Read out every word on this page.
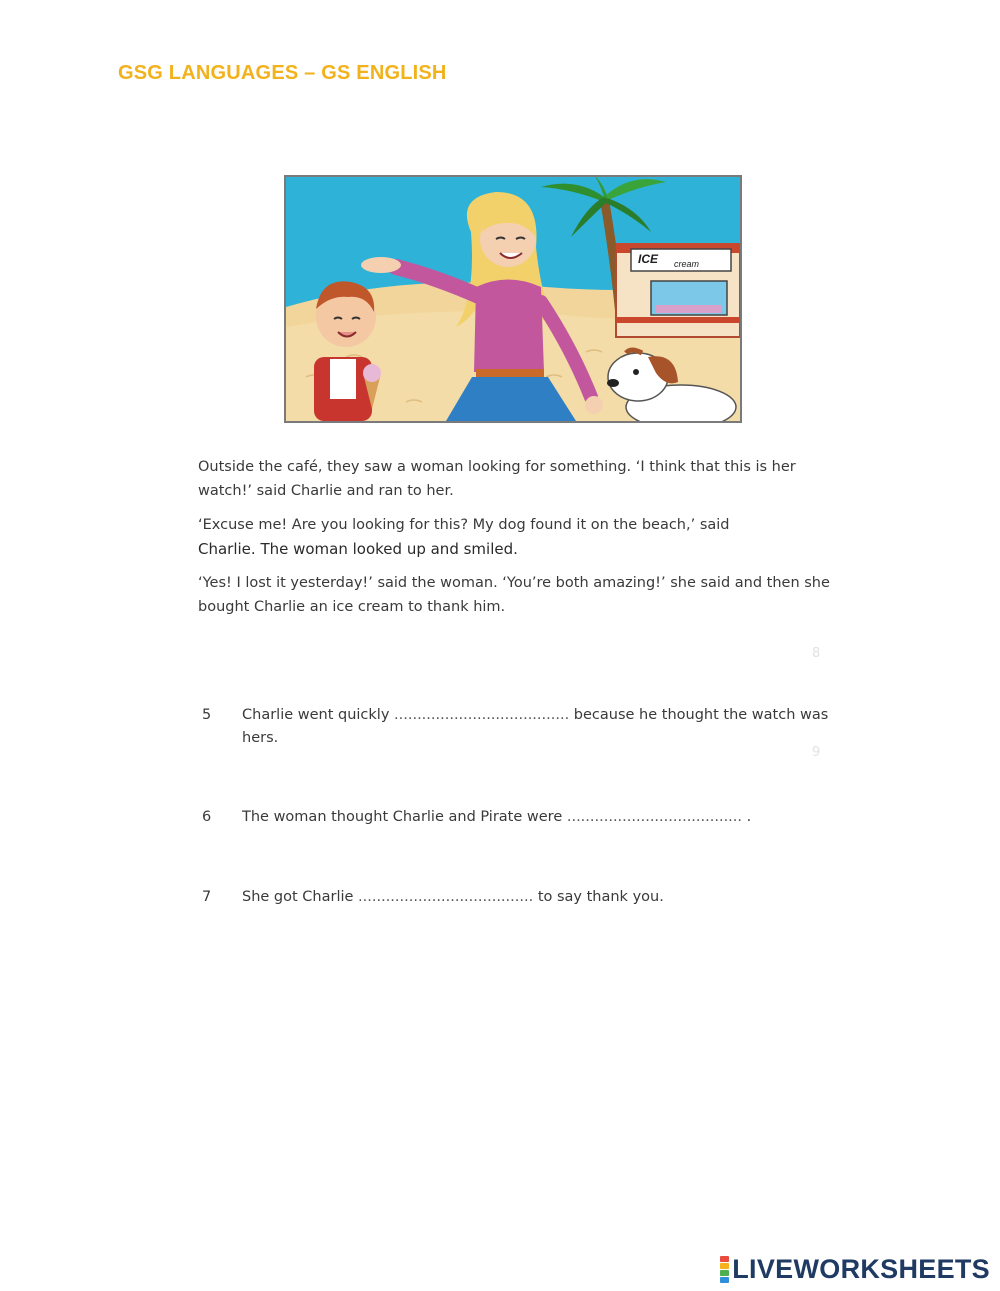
GSG LANGUAGES – GS ENGLISH
ICE cream

Outside the café, they saw a woman looking for something. ‘I think that this is her watch!’ said Charlie and ran to her.

‘Excuse me! Are you looking for this? My dog found it on the beach,’ said

Charlie. The woman looked up and smiled.

‘Yes! I lost it yesterday!’ said the woman. ‘You’re both amazing!’ she said and then she bought Charlie an ice cream to thank him.

8
9
5	Charlie went quickly ...................................... because he thought the watch was hers.
6	The woman thought Charlie and Pirate were ...................................... .
7	She got Charlie ...................................... to say thank you.
LIVEWORKSHEETS
